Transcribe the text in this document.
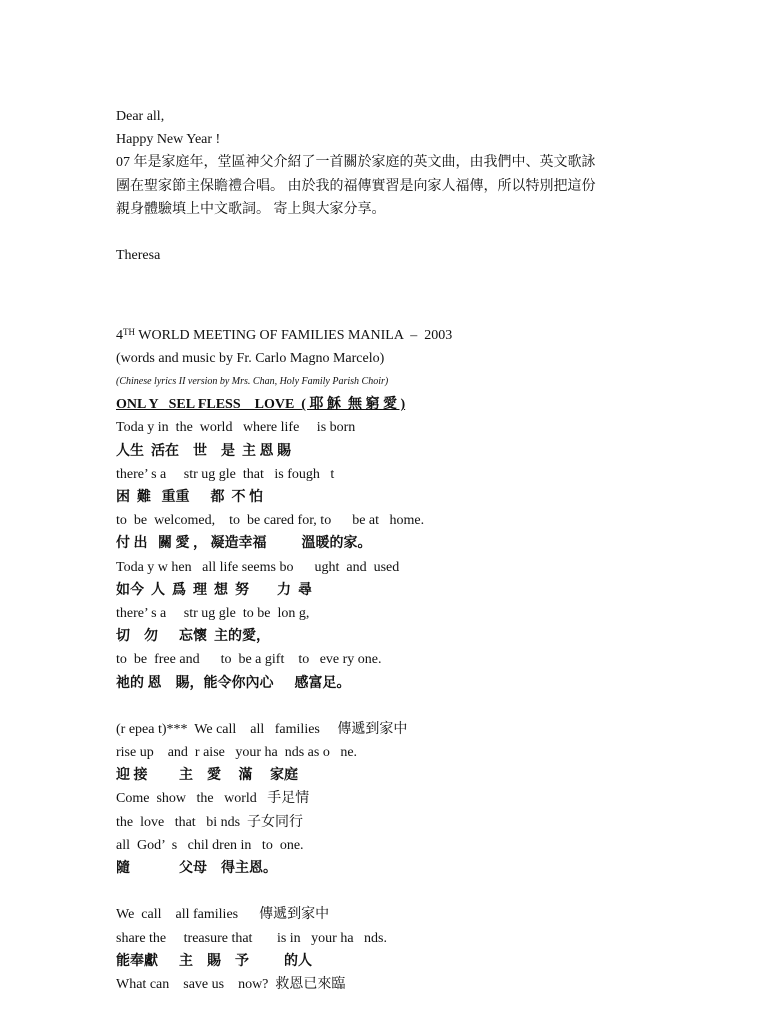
Dear all,
Happy New Year !
07 年是家庭年，堂區神父介紹了一首關於家庭的英文曲，由我們中、英文歌詠
團在聖家節主保瞻禮合唱。 由於我的福傳實習是向家人福傳，所以特別把這份
親身體驗填上中文歌詞。 寄上與大家分享。
Theresa
4TH WORLD MEETING OF FAMILIES MANILA  –  2003
(words and music by Fr. Carlo Magno Marcelo)
(Chinese lyrics II version by Mrs. Chan, Holy Family Parish Choir)
ONL Y   SEL FLESS    LOVE  ( 耶 穌  無 窮 愛 )
Toda y in  the  world   where life     is born
人生  活在    世    是  主 恩 賜
there’ s a     str ug gle  that   is fough   t
困  難   重重      都  不 怕
to  be  welcomed,    to  be cared for, to      be at   home.
付 出   關 愛 ， 凝造幸福          溫暖的家。
Toda y w hen   all life seems bo      ught  and  used
如今  人  爲  理  想  努        力  尋
there’ s a     str ug gle  to be  lon g,
切    勿      忘懷  主的愛，
to  be  free and      to  be a gift    to   eve ry one.
祂的 恩    賜，能令你內心      感富足。
(r epea t)***  We call    all   families     傳遞到家中
rise up    and  r aise   your ha  nds as o   ne.
迎 接         主    愛     滿     家庭
Come  show   the   world   手足情
the  love   that   bi nds  子女同行
all  God’  s   chil dren in   to  one.
隨              父母    得主恩。
We  call    all families      傳遞到家中
share the     treasure that       is in   your ha   nds.
能奉獻      主    賜    予          的人
What can    save us    now?  救恩已來臨
